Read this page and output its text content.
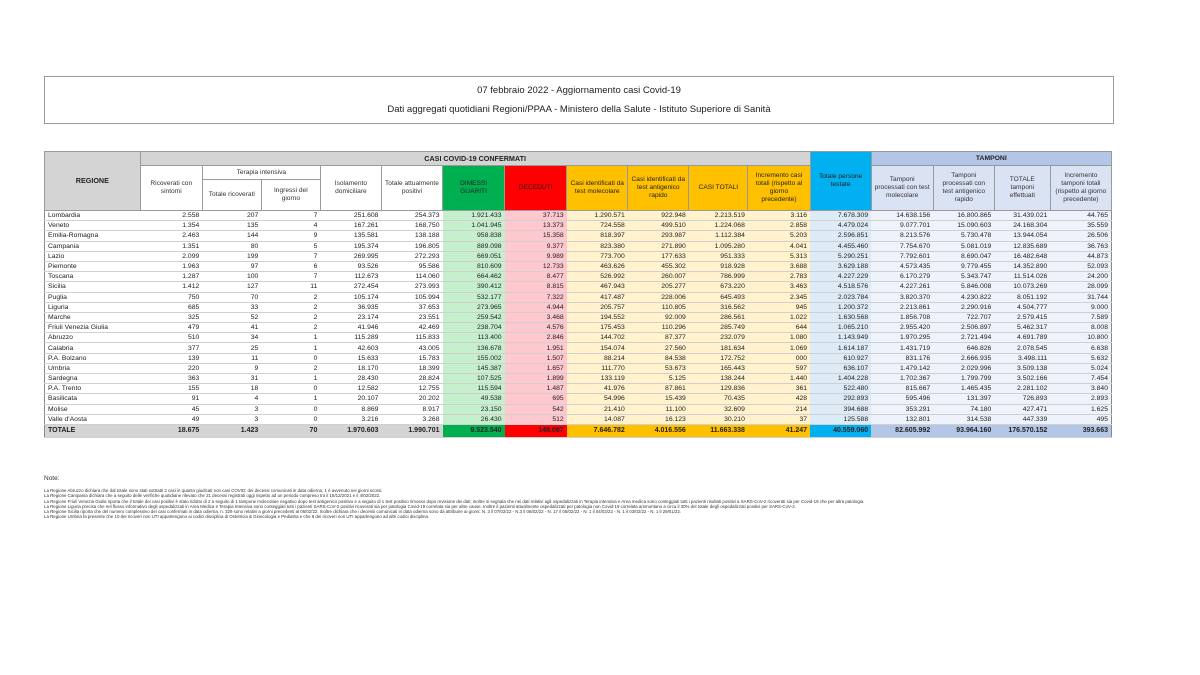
07 febbraio 2022 - Aggiornamento casi Covid-19
Dati aggregati quotidiani Regioni/PPAA - Ministero della Salute - Istituto Superiore di Sanità
REGIONE	CASI COVID-19 CONFERMATI											Totale persone testate	TAMPONI			
	Ricoverati con sintomi	Terapia intensiva		Isolamento domiciliare	Totale attualmente positivi	DIMESSI GUARITI	DECEDUTI	Casi identificati da test molecolare	Casi identificati da test antigenico rapido	CASI TOTALI	Incremento casi totali (rispetto al giorno precedente)		Tamponi processati con test molecolare	Tamponi processati con test antigenico rapido	TOTALE tamponi effettuati	Incremento tamponi totali (rispetto al giorno precedente)
		Totale ricoverati	Ingressi del giorno													
Lombardia	2.558	207	7	251.608	254.373	1.921.433	37.713	1.290.571	922.948	2.213.519	3.116	7.678.309	14.638.156	16.800.865	31.439.021	44.765
Veneto	1.354	135	4	167.261	168.750	1.041.945	13.373	724.558	499.510	1.224.068	2.858	4.479.024	9.077.701	15.090.603	24.168.304	35.559
Emilia-Romagna	2.463	144	9	135.581	138.188	958.838	15.358	818.397	293.987	1.112.384	5.203	2.596.851	8.213.576	5.730.478	13.944.054	26.506
Campania	1.351	80	5	195.374	196.805	889.098	9.377	823.380	271.890	1.095.280	4.041	4.455.460	7.754.670	5.081.019	12.835.689	36.763
Lazio	2.099	199	7	269.995	272.293	669.051	9.989	773.700	177.633	951.333	5.313	5.290.251	7.792.601	8.690.047	16.482.648	44.873
Piemonte	1.963	97	6	93.526	95.586	810.609	12.733	463.626	455.302	918.928	3.688	3.629.188	4.573.435	9.779.455	14.352.890	52.093
Toscana	1.287	100	7	112.673	114.060	664.462	8.477	526.992	260.007	786.999	2.783	4.227.229	6.170.279	5.343.747	11.514.026	24.200
Sicilia	1.412	127	11	272.454	273.993	390.412	8.815	467.943	205.277	673.220	3.463	4.518.576	4.227.261	5.846.008	10.073.269	28.099
Puglia	750	70	2	105.174	105.994	532.177	7.322	417.487	228.006	645.493	2.345	2.023.784	3.820.370	4.230.822	8.051.192	31.744
Liguria	685	33	2	36.935	37.653	273.965	4.944	205.757	110.805	316.562	945	1.200.372	2.213.861	2.290.916	4.504.777	9.000
Marche	325	52	2	23.174	23.551	259.542	3.468	194.552	92.009	286.561	1.022	1.630.568	1.856.708	722.707	2.579.415	7.589
Friuli Venezia Giulia	479	41	2	41.946	42.469	238.704	4.576	175.453	110.296	285.749	644	1.065.210	2.955.420	2.506.897	5.462.317	8.008
Abruzzo	510	34	1	115.289	115.833	113.400	2.846	144.702	87.377	232.079	1.080	1.143.949	1.970.295	2.721.494	4.691.789	10.800
Calabria	377	25	1	42.603	43.005	136.678	1.951	154.074	27.560	181.634	1.069	1.614.187	1.431.719	646.826	2.078.545	6.638
P.A. Bolzano	139	11	0	15.633	15.783	155.002	1.507	88.214	84.538	172.752	000	610.927	831.176	2.666.935	3.498.111	5.632
Umbria	220	9	2	18.170	18.399	145.387	1.657	111.770	53.673	165.443	597	636.107	1.479.142	2.029.996	3.509.138	5.024
Sardegna	363	31	1	28.430	28.824	107.525	1.899	133.119	5.125	138.244	1.440	1.404.228	1.702.367	1.799.799	3.502.166	7.454
P.A. Trento	155	18	0	12.582	12.755	115.594	1.487	41.976	87.861	129.836	361	522.480	815.667	1.465.435	2.281.102	3.840
Basilicata	91	4	1	20.107	20.202	49.538	695	54.996	15.439	70.435	428	292.893	595.496	131.397	726.893	2.893
Molise	45	3	0	8.869	8.917	23.150	542	21.410	11.100	32.609	214	394.688	353.291	74.180	427.471	1.625
Valle d'Aosta	49	3	0	3.216	3.268	26.430	512	14.087	16.123	30.210	37	125.588	132.801	314.538	447.339	495
TOTALE	18.675	1.423	70	1.970.603	1.990.701	9.523.540	148.087	7.646.782	4.016.556	11.663.338	41.247	40.559.060	82.605.992	93.964.160	176.570.152	393.663
Note:
La Regione Abruzzo dichiara che dal totale sono stati sottratti 2 casi in quanto giudicati non casi COVID; dei decessi comunicati in data odierna, 1 è avvenuto nei giorni scorsi.
La Regione Campania dichiara che a seguito delle verifiche quotidiane rilevato che 21 decessi registrati oggi rispetto ad un periodo compreso tra il 15/12/2021 e il 4/02/2022.
La Regione Friuli Venezia Giulia riporta che il totale dei casi positivi è stato ridotto di 2 a seguito di 1 tampone molecolare negativo dopo test antigenico positivo e a seguito di 1 test positivo rimosso dopo revisione dei dati; inoltre si segnala che nei dati relativi agli ospedalizzati in Terapia intensiva e Area medica sono conteggiati tutti i pazienti risultati positivi a SARS-CoV-2 ricoverati sia per Covid-19 che per altra patologia.
La Regione Liguria precisa che nel flusso informativo degli ospedalizzati in Area Medica e Terapia Intensiva sono conteggiati tutti i pazienti SARS-CoV-2 positivi ricoverati sia per patologia Covid-19 correlata sia per altre cause. Inoltre il pazienti attualmente ospedalizzati per patologia non Covid-19 correlata ammontano a circa il 30% del totale degli ospedalizzati positivi per SARS-CoV-2.
La Regione Sicilia riporta che del numero complessivo dei casi confermati in data odierna, n. 329 sono relativi a giorni precedenti al 06/02/22. Inoltre dichiara che i decessi comunicati in data odierna sono da attribuire ai giorni: N. 3 il 07/02/22 - N.3 il 06/02/22 - N. 17 il 05/02/22 - N. 1 il 04/02/22 - N. 1 il 03/02/22 - N. 1 il 29/01/22.
La Regione Umbria fa presente che 10 dei ricoveri non UTI appartengono ai codici disciplina di Ostetricia & Ginecologia e Pediatria e che 8 dei ricoveri non UTI appartengono ad altri codici disciplina.
